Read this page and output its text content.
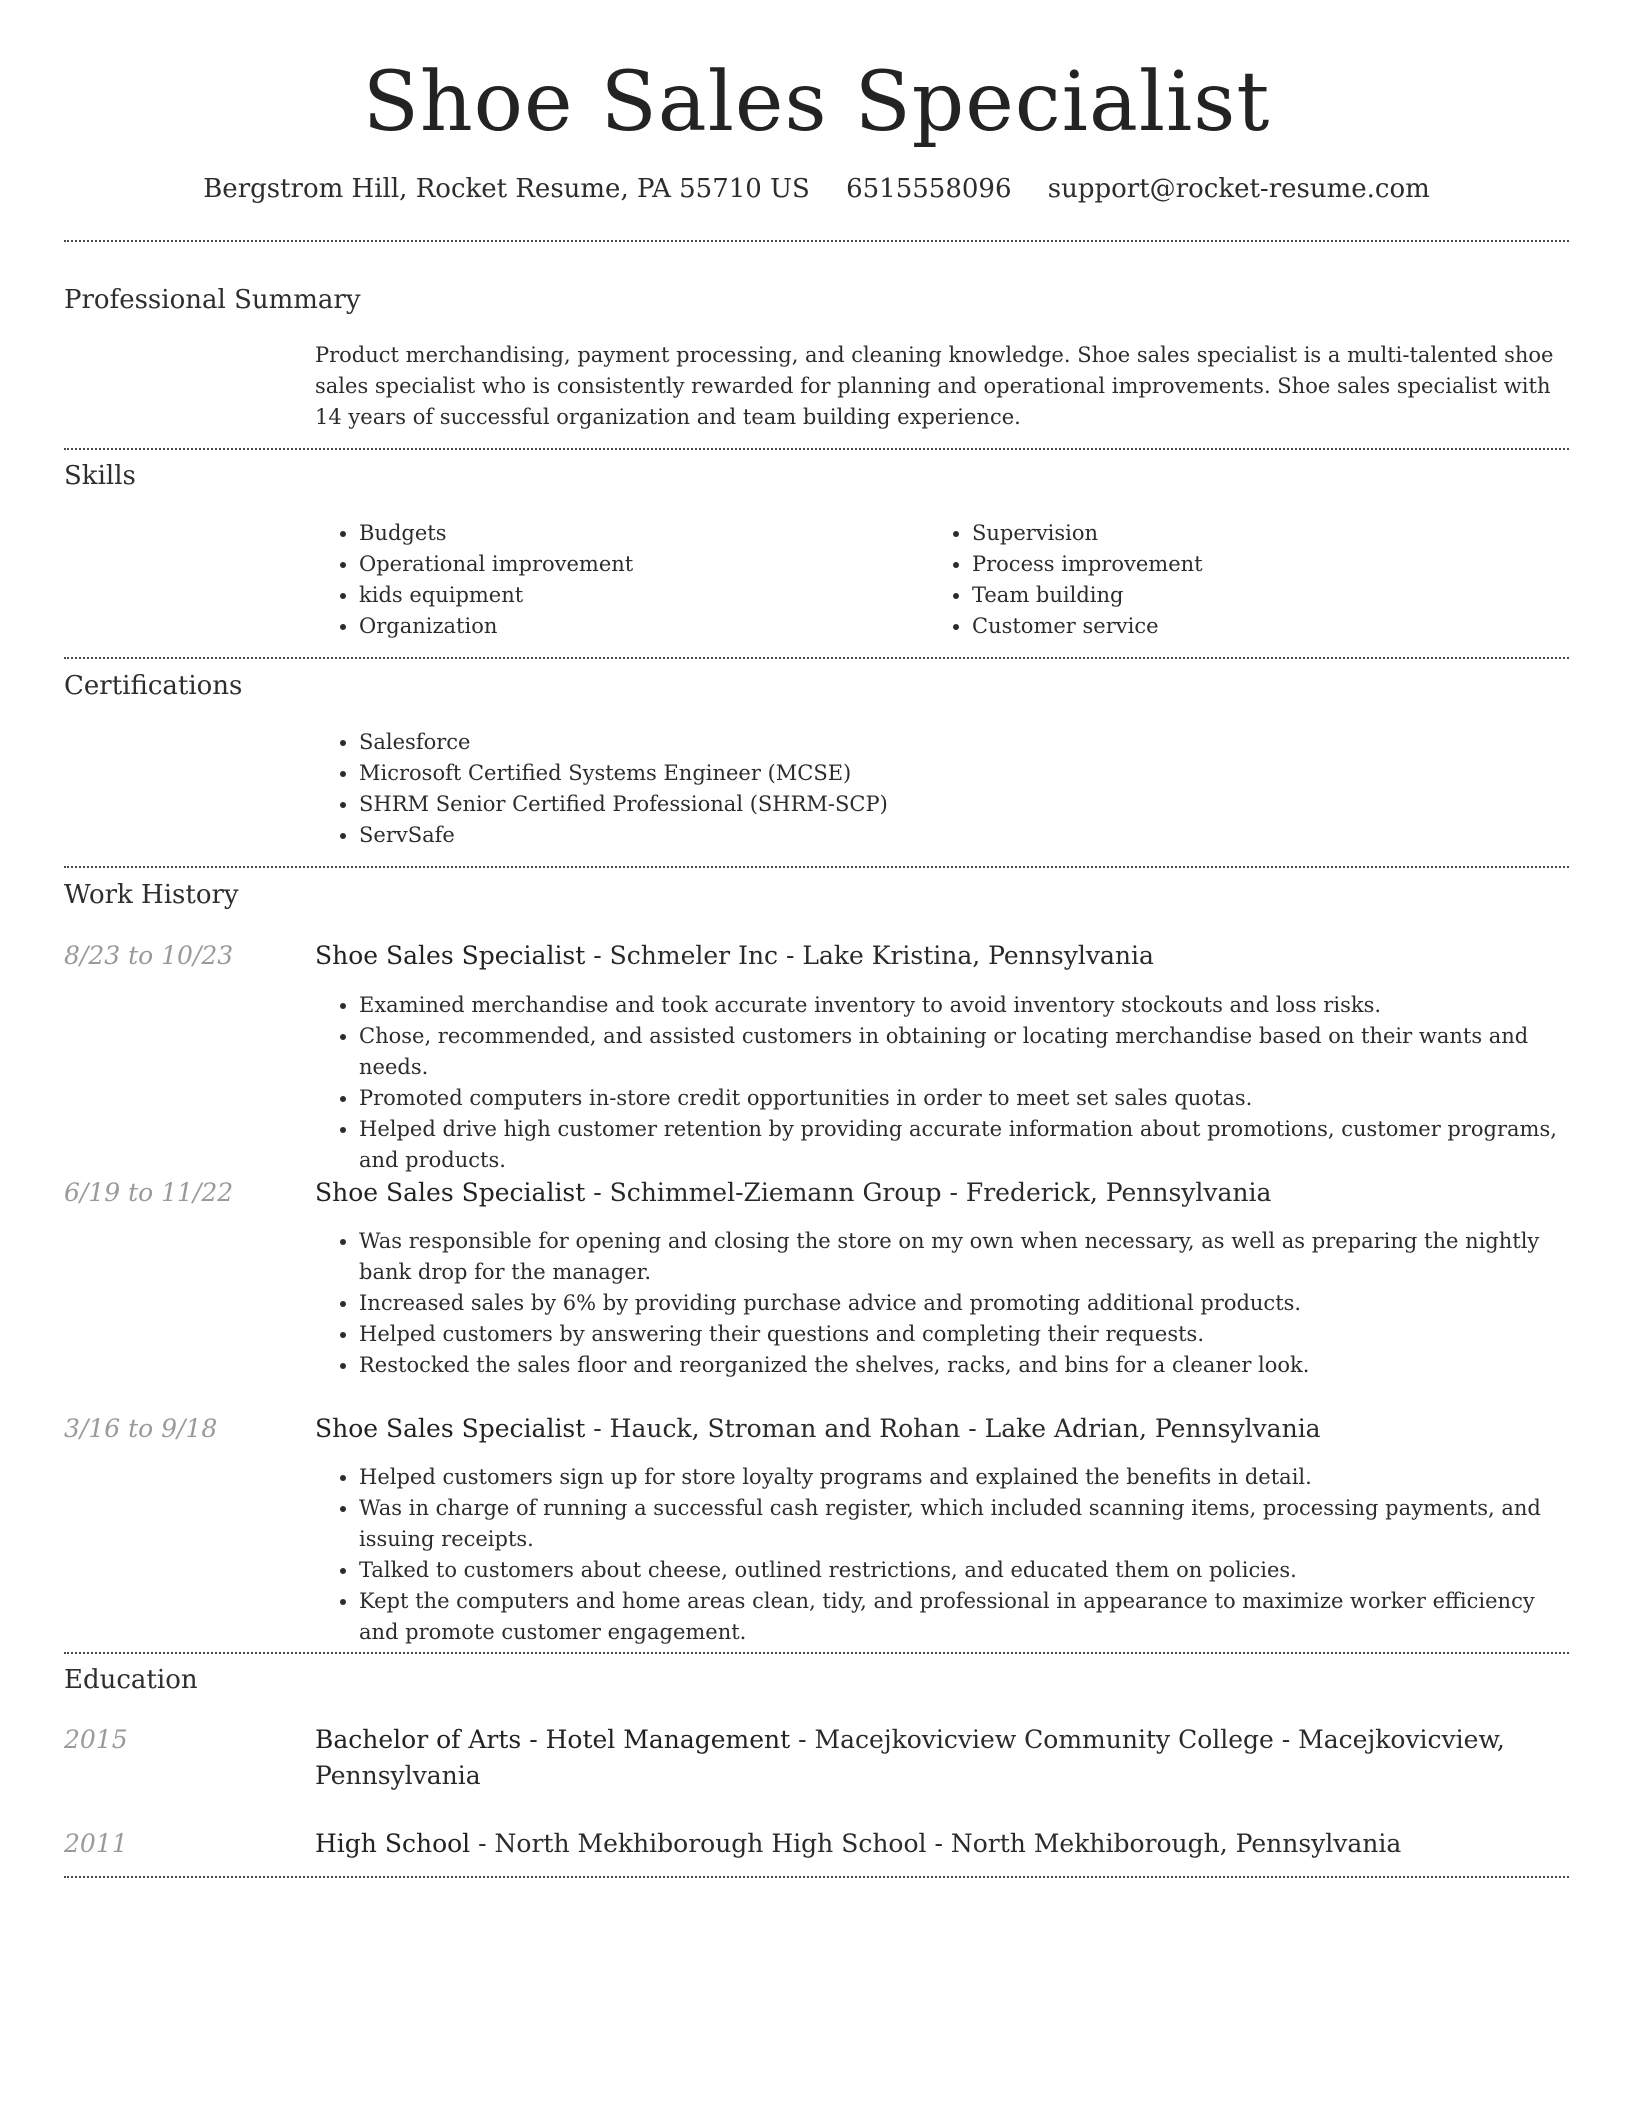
Shoe Sales Specialist
Bergstrom Hill, Rocket Resume, PA 55710 US 6515558096 support@rocket-resume.com
Professional Summary
Product merchandising, payment processing, and cleaning knowledge. Shoe sales specialist is a multi-talented shoe sales specialist who is consistently rewarded for planning and operational improvements. Shoe sales specialist with 14 years of successful organization and team building experience.
Skills
• Budgets
• Operational improvement
• kids equipment
• Organization
• Supervision
• Process improvement
• Team building
• Customer service
Certifications
• Salesforce
• Microsoft Certified Systems Engineer (MCSE)
• SHRM Senior Certified Professional (SHRM-SCP)
• ServSafe
Work History
8/23 to 10/23	Shoe Sales Specialist - Schmeler Inc - Lake Kristina, Pennsylvania
• Examined merchandise and took accurate inventory to avoid inventory stockouts and loss risks.
• Chose, recommended, and assisted customers in obtaining or locating merchandise based on their wants and needs.
• Promoted computers in-store credit opportunities in order to meet set sales quotas.
• Helped drive high customer retention by providing accurate information about promotions, customer programs, and products.
6/19 to 11/22	Shoe Sales Specialist - Schimmel-Ziemann Group - Frederick, Pennsylvania
• Was responsible for opening and closing the store on my own when necessary, as well as preparing the nightly bank drop for the manager.
• Increased sales by 6% by providing purchase advice and promoting additional products.
• Helped customers by answering their questions and completing their requests.
• Restocked the sales floor and reorganized the shelves, racks, and bins for a cleaner look.
3/16 to 9/18	Shoe Sales Specialist - Hauck, Stroman and Rohan - Lake Adrian, Pennsylvania
• Helped customers sign up for store loyalty programs and explained the benefits in detail.
• Was in charge of running a successful cash register, which included scanning items, processing payments, and issuing receipts.
• Talked to customers about cheese, outlined restrictions, and educated them on policies.
• Kept the computers and home areas clean, tidy, and professional in appearance to maximize worker efficiency and promote customer engagement.
Education
2015	Bachelor of Arts - Hotel Management - Macejkovicview Community College - Macejkovicview, Pennsylvania
2011	High School - North Mekhiborough High School - North Mekhiborough, Pennsylvania
